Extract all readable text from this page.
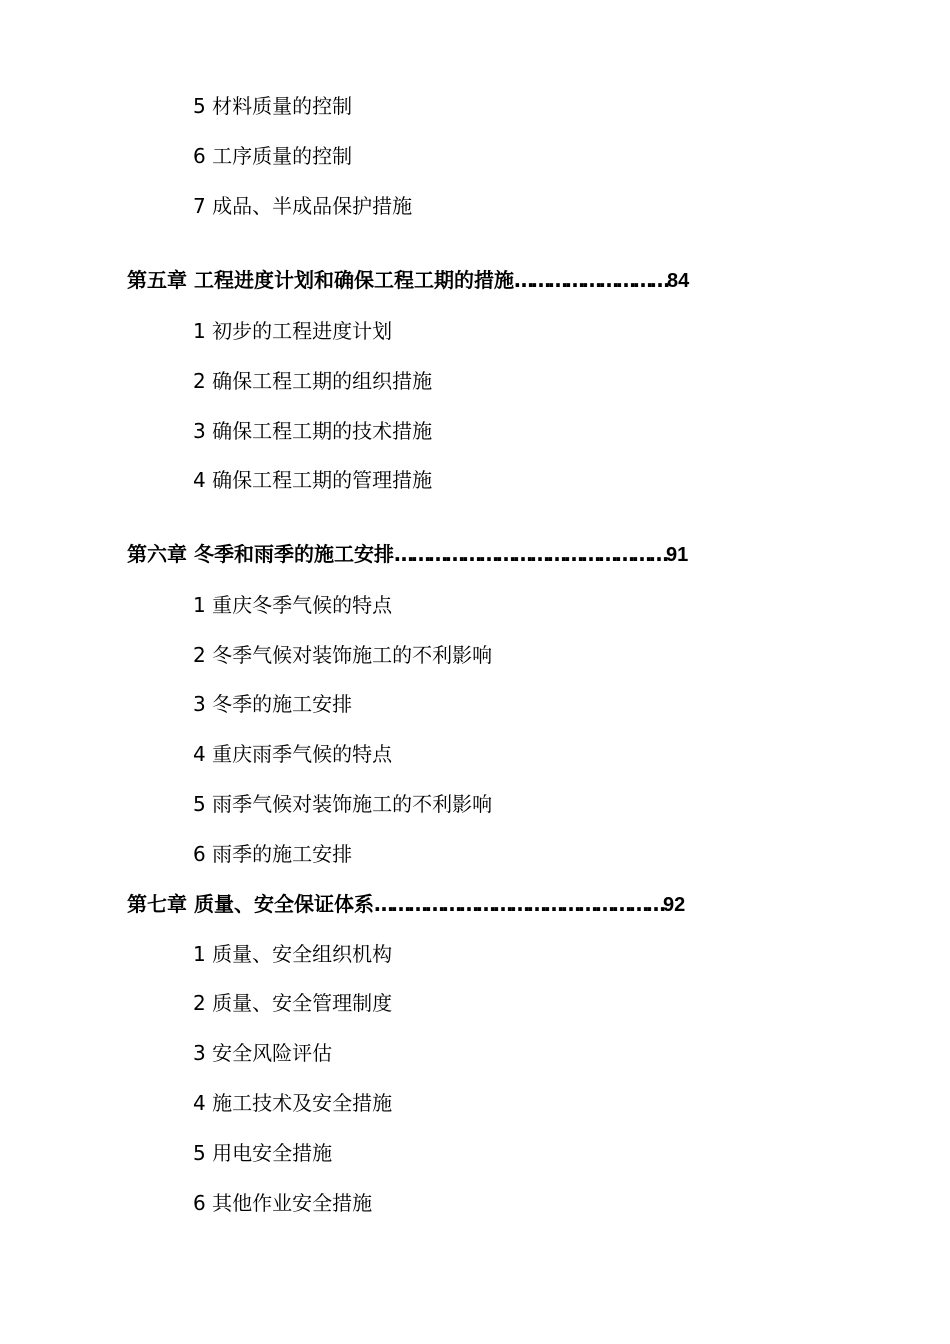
5 材料质量的控制
6 工序质量的控制
7 成品、半成品保护措施
第五章 工程进度计划和确保工程工期的措施………………………84
1 初步的工程进度计划
2 确保工程工期的组织措施
3 确保工程工期的技术措施
4 确保工程工期的管理措施
第六章 冬季和雨季的施工安排…………………………………………91
1 重庆冬季气候的特点
2 冬季气候对装饰施工的不利影响
3 冬季的施工安排
4 重庆雨季气候的特点
5 雨季气候对装饰施工的不利影响
6 雨季的施工安排
第七章 质量、安全保证体系……………………………………………92
1 质量、安全组织机构
2 质量、安全管理制度
3 安全风险评估
4 施工技术及安全措施
5 用电安全措施
6 其他作业安全措施
